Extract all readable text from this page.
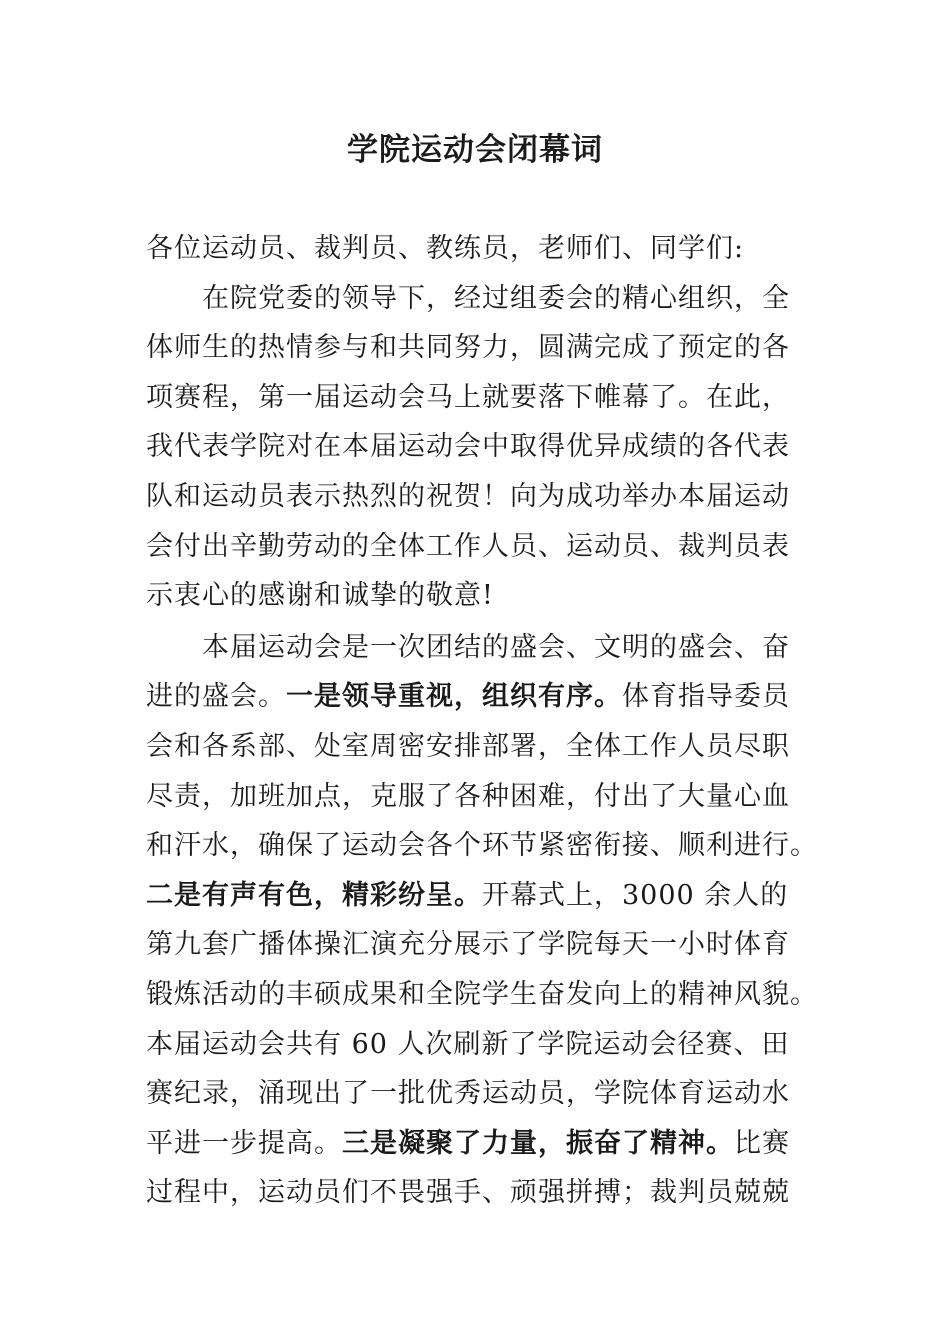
学院运动会闭幕词
各位运动员、裁判员、教练员，老师们、同学们:
在院党委的领导下，经过组委会的精心组织，全
体师生的热情参与和共同努力，圆满完成了预定的各
项赛程，第一届运动会马上就要落下帷幕了。在此，
我代表学院对在本届运动会中取得优异成绩的各代表
队和运动员表示热烈的祝贺！向为成功举办本届运动
会付出辛勤劳动的全体工作人员、运动员、裁判员表
示衷心的感谢和诚挚的敬意!
本届运动会是一次团结的盛会、文明的盛会、奋
进的盛会。一是领导重视，组织有序。体育指导委员
会和各系部、处室周密安排部署，全体工作人员尽职
尽责，加班加点，克服了各种困难，付出了大量心血
和汗水，确保了运动会各个环节紧密衔接、顺利进行。
二是有声有色，精彩纷呈。开幕式上，3000 余人的
第九套广播体操汇演充分展示了学院每天一小时体育
锻炼活动的丰硕成果和全院学生奋发向上的精神风貌。
本届运动会共有 60 人次刷新了学院运动会径赛、田
赛纪录，涌现出了一批优秀运动员，学院体育运动水
平进一步提高。三是凝聚了力量，振奋了精神。比赛
过程中，运动员们不畏强手、顽强拼搏；裁判员兢兢
